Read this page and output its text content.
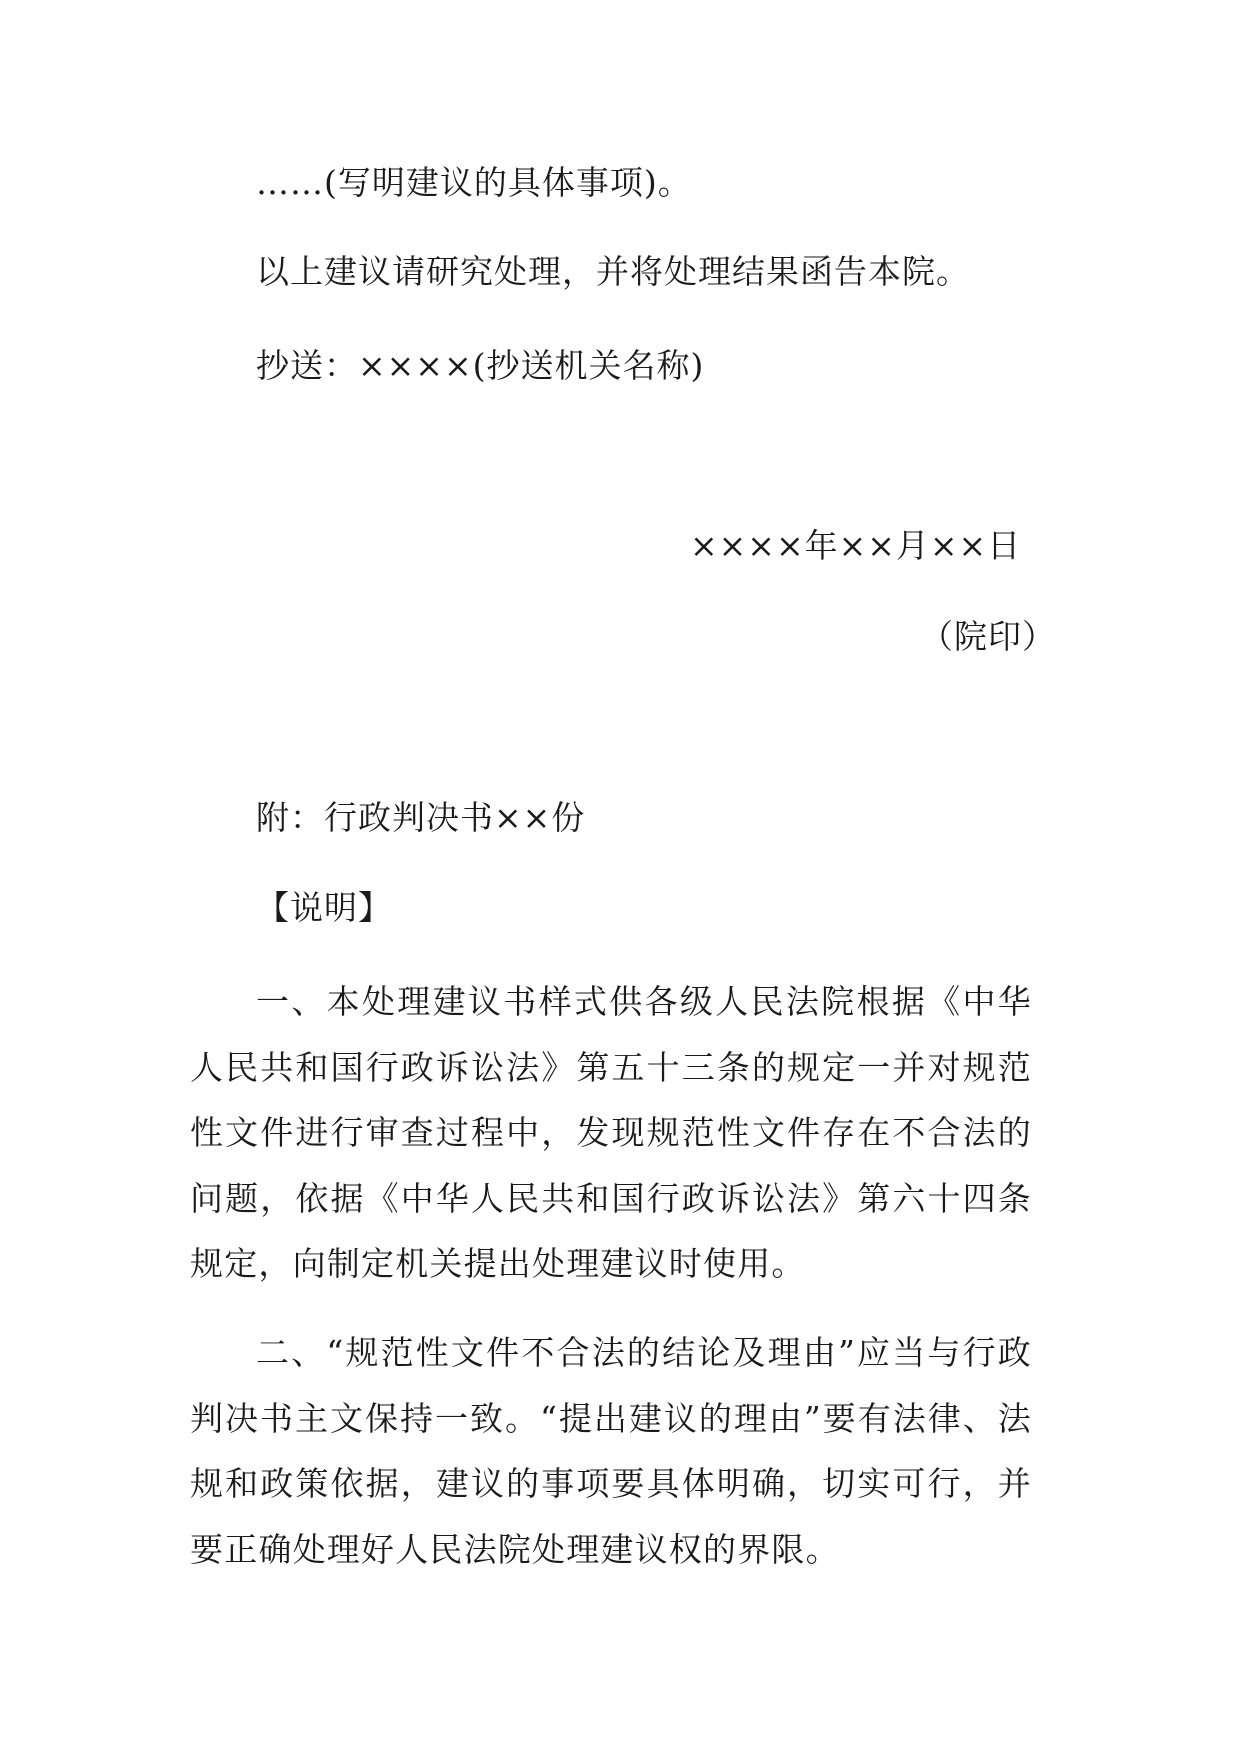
……(写明建议的具体事项)。
以上建议请研究处理，并将处理结果函告本院。
抄送：××××(抄送机关名称)
××××年××月××日
（院印）
附：行政判决书××份
【说明】

一、本处理建议书样式供各级人民法院根据《中华人民共和国行政诉讼法》第五十三条的规定一并对规范性文件进行审查过程中，发现规范性文件存在不合法的问题，依据《中华人民共和国行政诉讼法》第六十四条规定，向制定机关提出处理建议时使用。

二、“规范性文件不合法的结论及理由”应当与行政判决书主文保持一致。“提出建议的理由”要有法律、法规和政策依据，建议的事项要具体明确，切实可行，并要正确处理好人民法院处理建议权的界限。
